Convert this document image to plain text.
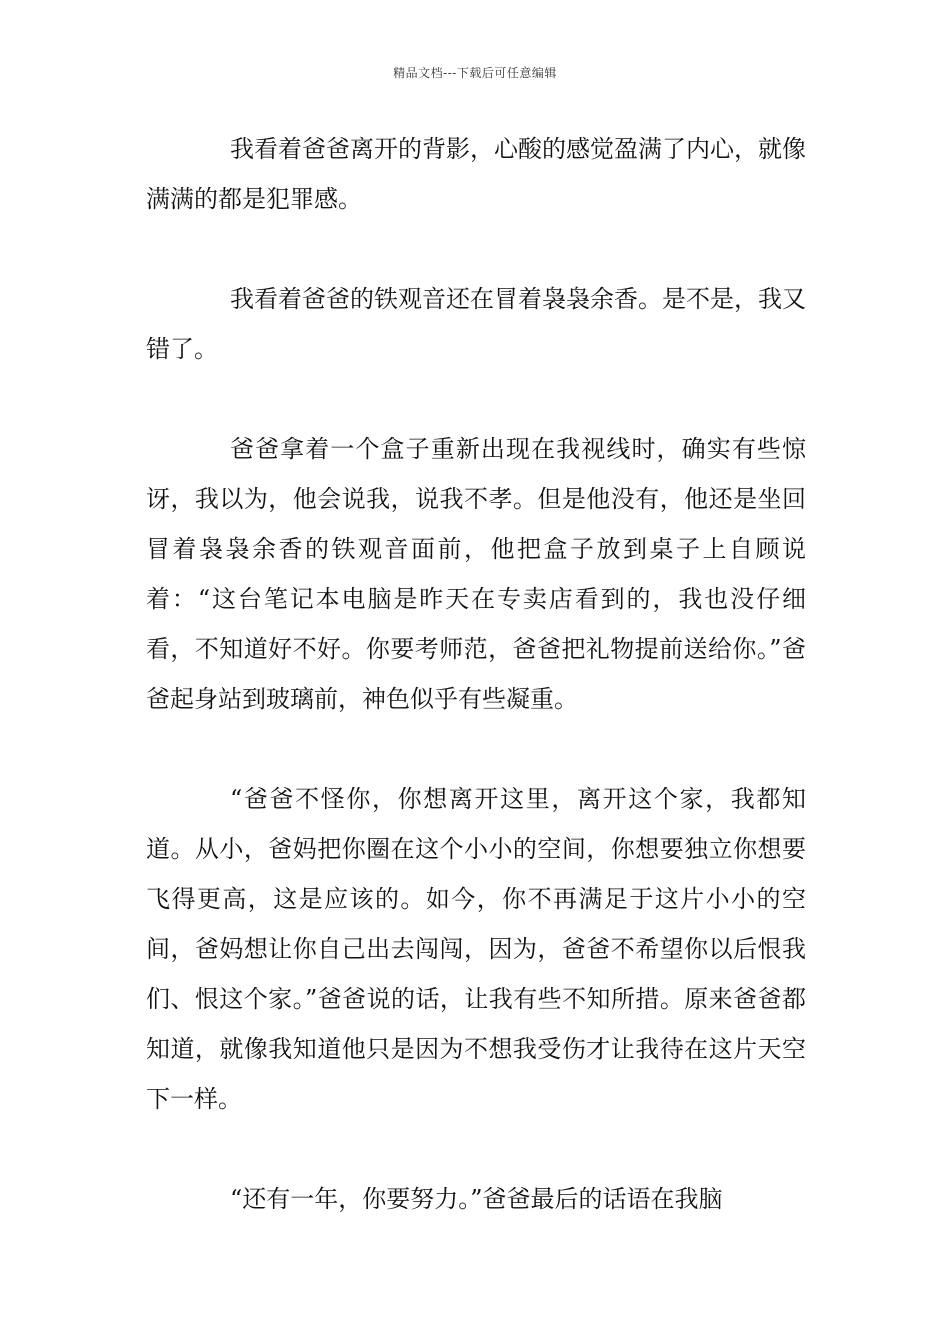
精品文档---下载后可任意编辑

我看着爸爸离开的背影，心酸的感觉盈满了内心，就像满满的都是犯罪感。

我看着爸爸的铁观音还在冒着袅袅余香。是不是，我又错了。

爸爸拿着一个盒子重新出现在我视线时，确实有些惊讶，我以为，他会说我，说我不孝。但是他没有，他还是坐回冒着袅袅余香的铁观音面前，他把盒子放到桌子上自顾说着：“这台笔记本电脑是昨天在专卖店看到的，我也没仔细看，不知道好不好。你要考师范，爸爸把礼物提前送给你。”爸爸起身站到玻璃前，神色似乎有些凝重。

“爸爸不怪你，你想离开这里，离开这个家，我都知道。从小，爸妈把你圈在这个小小的空间，你想要独立你想要飞得更高，这是应该的。如今，你不再满足于这片小小的空间，爸妈想让你自己出去闯闯，因为，爸爸不希望你以后恨我们、恨这个家。”爸爸说的话，让我有些不知所措。原来爸爸都知道，就像我知道他只是因为不想我受伤才让我待在这片天空下一样。

“还有一年，你要努力。”爸爸最后的话语在我脑
